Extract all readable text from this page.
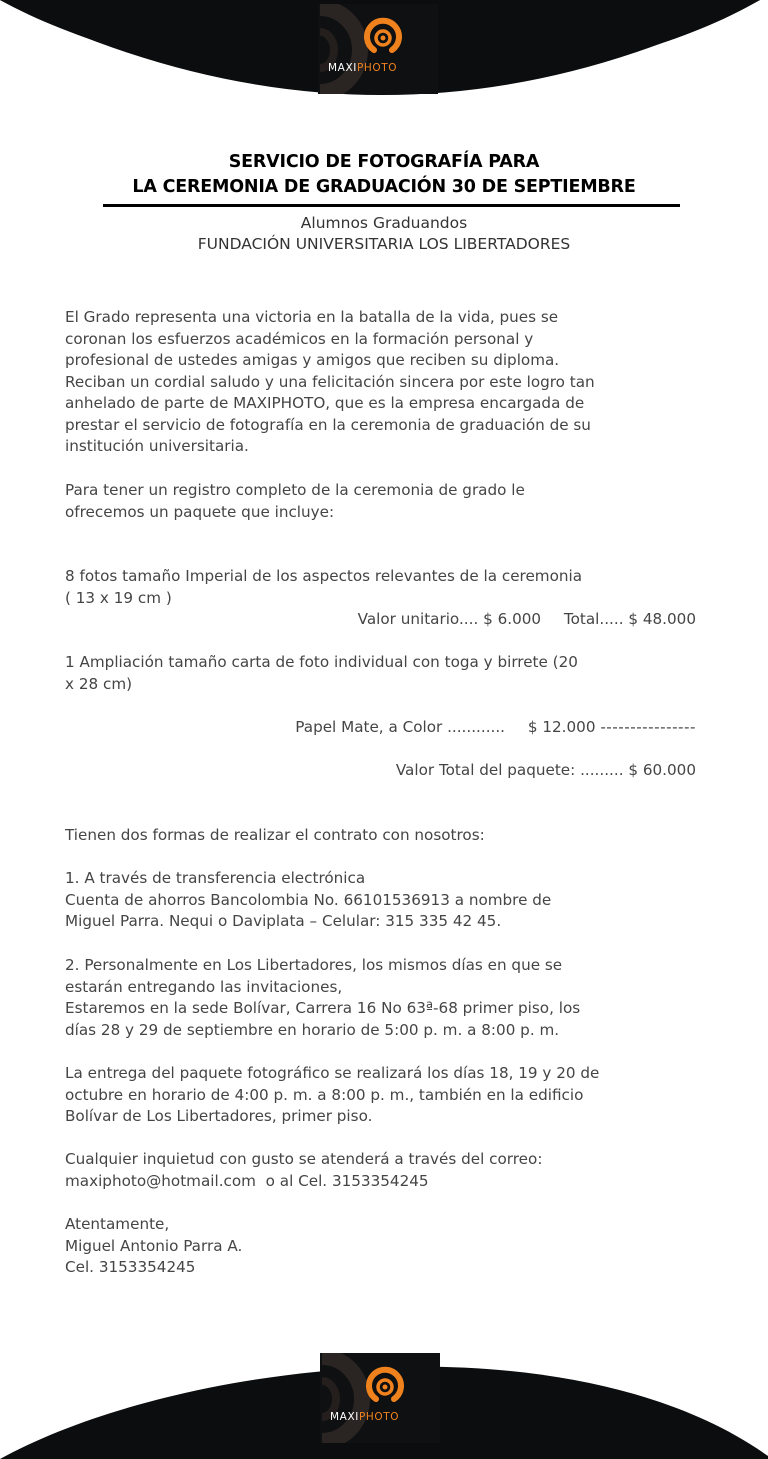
MAXIPHOTO
SERVICIO DE FOTOGRAFÍA PARA
LA CEREMONIA DE GRADUACIÓN 30 DE SEPTIEMBRE
Alumnos Graduandos
FUNDACIÓN UNIVERSITARIA LOS LIBERTADORES
El Grado representa una victoria en la batalla de la vida, pues se
coronan los esfuerzos académicos en la formación personal y
profesional de ustedes amigas y amigos que reciben su diploma.
Reciban un cordial saludo y una felicitación sincera por este logro tan
anhelado de parte de MAXIPHOTO, que es la empresa encargada de
prestar el servicio de fotografía en la ceremonia de graduación de su
institución universitaria.
Para tener un registro completo de la ceremonia de grado le
ofrecemos un paquete que incluye:
8 fotos tamaño Imperial de los aspectos relevantes de la ceremonia
( 13 x 19 cm )
Valor unitario.... $ 6.000 Total..... $ 48.000
1 Ampliación tamaño carta de foto individual con toga y birrete (20
x 28 cm)
Papel Mate, a Color ............ $ 12.000 ----------------
Valor Total del paquete: ......... $ 60.000
Tienen dos formas de realizar el contrato con nosotros:
1. A través de transferencia electrónica
Cuenta de ahorros Bancolombia No. 66101536913 a nombre de
Miguel Parra. Nequi o Daviplata – Celular: 315 335 42 45.
2. Personalmente en Los Libertadores, los mismos días en que se
estarán entregando las invitaciones,
Estaremos en la sede Bolívar, Carrera 16 No 63ª-68 primer piso, los
días 28 y 29 de septiembre en horario de 5:00 p. m. a 8:00 p. m.
La entrega del paquete fotográfico se realizará los días 18, 19 y 20 de
octubre en horario de 4:00 p. m. a 8:00 p. m., también en la edificio
Bolívar de Los Libertadores, primer piso.
Cualquier inquietud con gusto se atenderá a través del correo:
maxiphoto@hotmail.com o al Cel. 3153354245
Atentamente,
Miguel Antonio Parra A.
Cel. 3153354245
MAXIPHOTO
